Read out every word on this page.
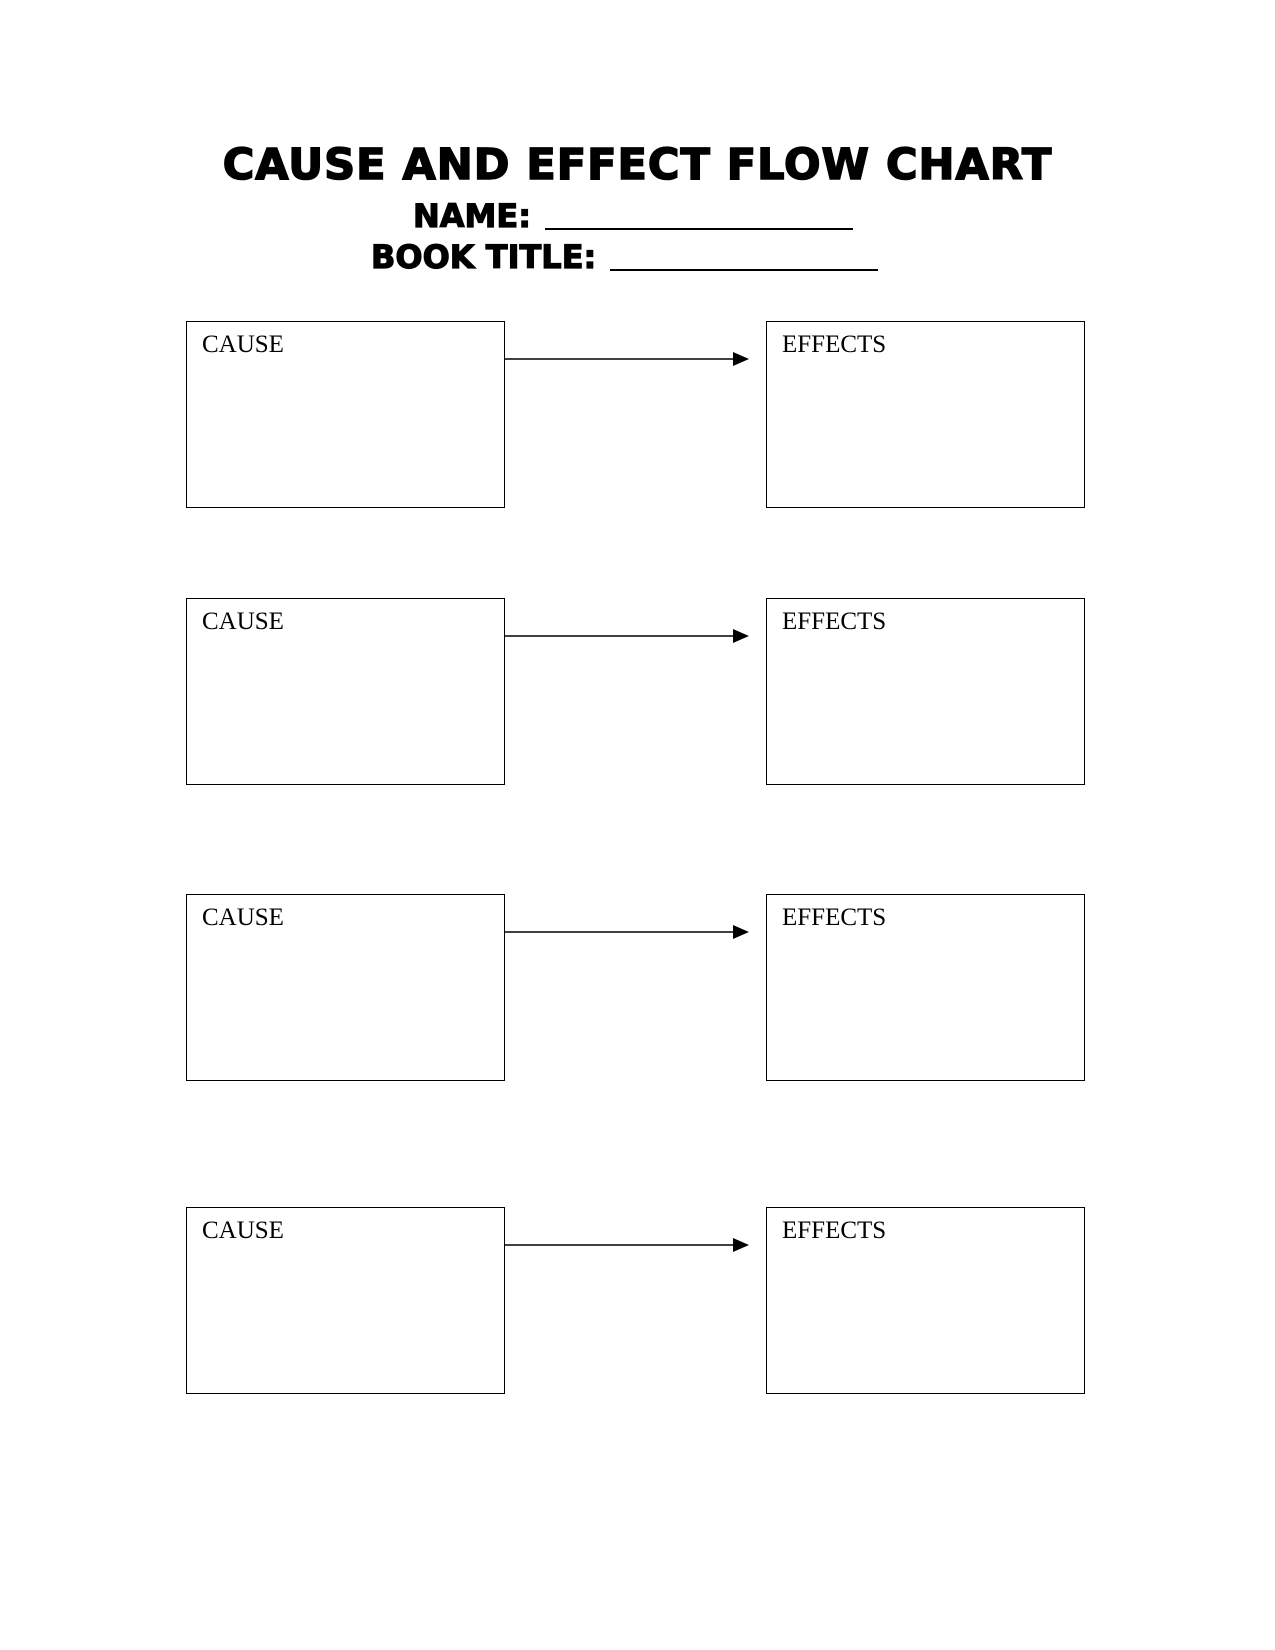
CAUSE AND EFFECT FLOW CHART
NAME:
BOOK TITLE:
CAUSE	EFFECTS
CAUSE	EFFECTS
CAUSE	EFFECTS
CAUSE	EFFECTS
